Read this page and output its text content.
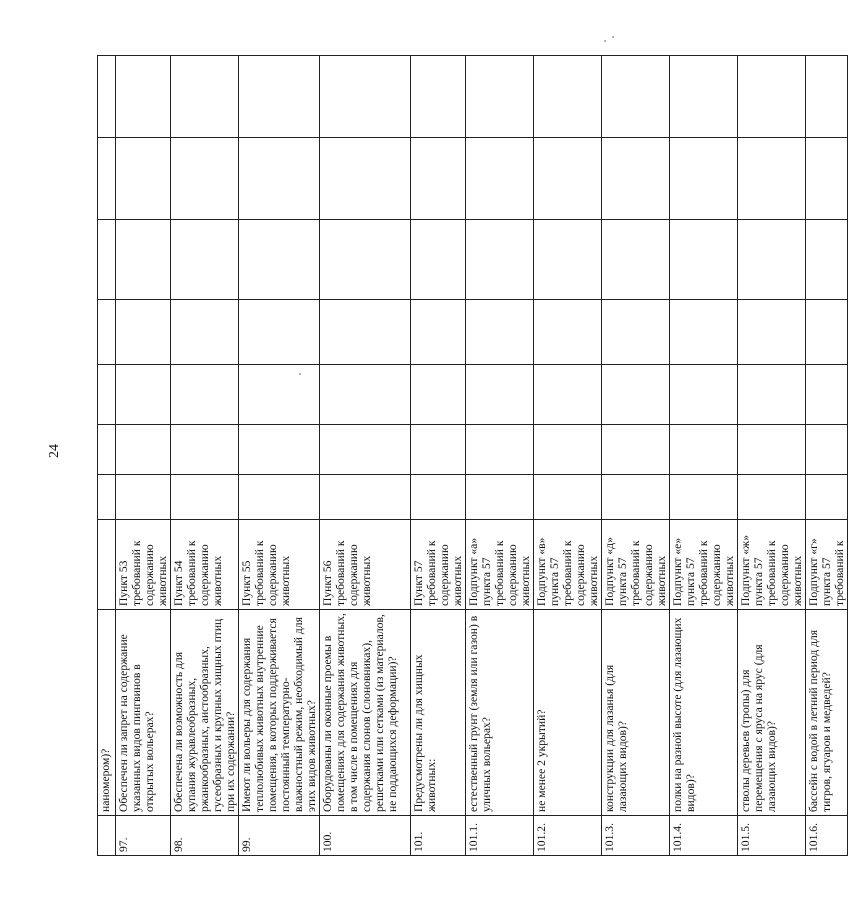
24
	наномером)?								
97.	Обеспечен ли запрет на содержание указанных видов пингвинов в открытых вольерах?	Пункт 53 требований к содержанию животных							
98.	Обеспечена ли возможность для купания журавлеобразных, ржанкообразных, аистообразных, гусеобразных и крупных хищных птиц при их содержании?	Пункт 54 требований к содержанию животных							
99.	Имеют ли вольеры для содержания теплолюбивых животных внутренние помещения, в которых поддерживается постоянный температурно-влажностный режим, необходимый для этих видов животных?	Пункт 55 требований к содержанию животных							
100.	Оборудованы ли оконные проемы в помещениях для содержания животных, в том числе в помещениях для содержания слонов (слоновниках), решетками или сетками (из материалов, не поддающихся деформации)?	Пункт 56 требований к содержанию животных							
101.	Предусмотрены ли для хищных животных:	Пункт 57 требований к содержанию животных							
101.1.	естественный грунт (земля или газон) в уличных вольерах?	Подпункт «а» пункта 57 требований к содержанию животных							
101.2.	не менее 2 укрытий?	Подпункт «в» пункта 57 требований к содержанию животных							
101.3.	конструкции для лазанья (для лазающих видов)?	Подпункт «д» пункта 57 требований к содержанию животных							
101.4.	полки на разной высоте (для лазающих видов)?	Подпункт «е» пункта 57 требований к содержанию животных							
101.5.	стволы деревьев (тропы) для перемещения с яруса на ярус (для лазающих видов)?	Подпункт «ж» пункта 57 требований к содержанию животных							
101.6.	бассейн с водой в летний период для тигров, ягуаров и медведей?	Подпункт «г» пункта 57 требований к							
